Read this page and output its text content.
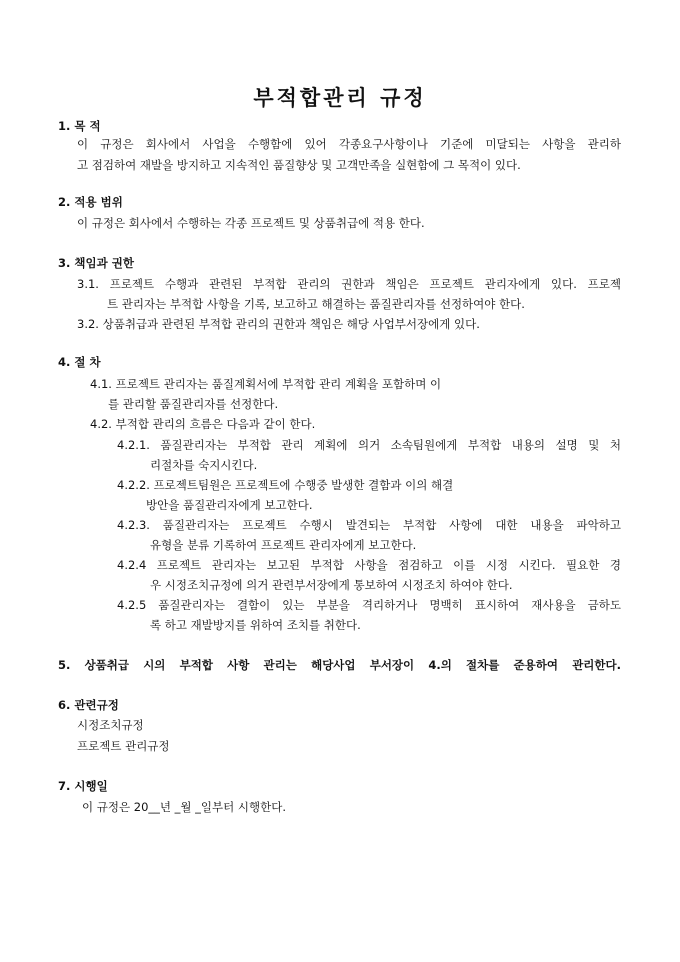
부적합관리 규정
1. 목 적
이 규정은 회사에서 사업을 수행함에 있어 각종요구사항이나 기준에 미달되는 사항을 관리하
고 점검하여 재발을 방지하고 지속적인 품질향상 및 고객만족을 실현함에 그 목적이 있다.
2. 적용 범위
이 규정은 회사에서 수행하는 각종 프로젝트 및 상품취급에 적용 한다.
3. 책임과 권한
3.1. 프로젝트 수행과 관련된 부적합 관리의 권한과 책임은 프로젝트 관리자에게 있다. 프로젝
트 관리자는 부적합 사항을 기록, 보고하고 해결하는 품질관리자를 선정하여야 한다.
3.2. 상품취급과 관련된 부적합 관리의 권한과 책임은 해당 사업부서장에게 있다.
4. 절 차
4.1. 프로젝트 관리자는 품질계획서에 부적합 관리 계획을 포함하며 이
를 관리할 품질관리자를 선정한다.
4.2. 부적합 관리의 흐름은 다음과 같이 한다.
4.2.1. 품질관리자는 부적합 관리 계획에 의거 소속팀원에게 부적합 내용의 설명 및 처
리절차를 숙지시킨다.
4.2.2. 프로젝트팀원은 프로젝트에 수행중 발생한 결함과 이의 해결
방안을 품질관리자에게 보고한다.
4.2.3. 품질관리자는 프로젝트 수행시 발견되는 부적합 사항에 대한 내용을 파악하고
유형을 분류 기록하여 프로젝트 관리자에게 보고한다.
4.2.4 프로젝트 관리자는 보고된 부적합 사항을 점검하고 이를 시정 시킨다. 필요한 경
우 시정조치규정에 의거 관련부서장에게 통보하여 시정조치 하여야 한다.
4.2.5 품질관리자는 결함이 있는 부분을 격리하거나 명백히 표시하여 재사용을 금하도
록 하고 재발방지를 위하여 조치를 취한다.
5. 상품취급 시의 부적합 사항 관리는 해당사업 부서장이 4.의 절차를 준용하여 관리한다.
6. 관련규정
시정조치규정
프로젝트 관리규정
7. 시행일
이 규정은 20__년 _월 _일부터 시행한다.
